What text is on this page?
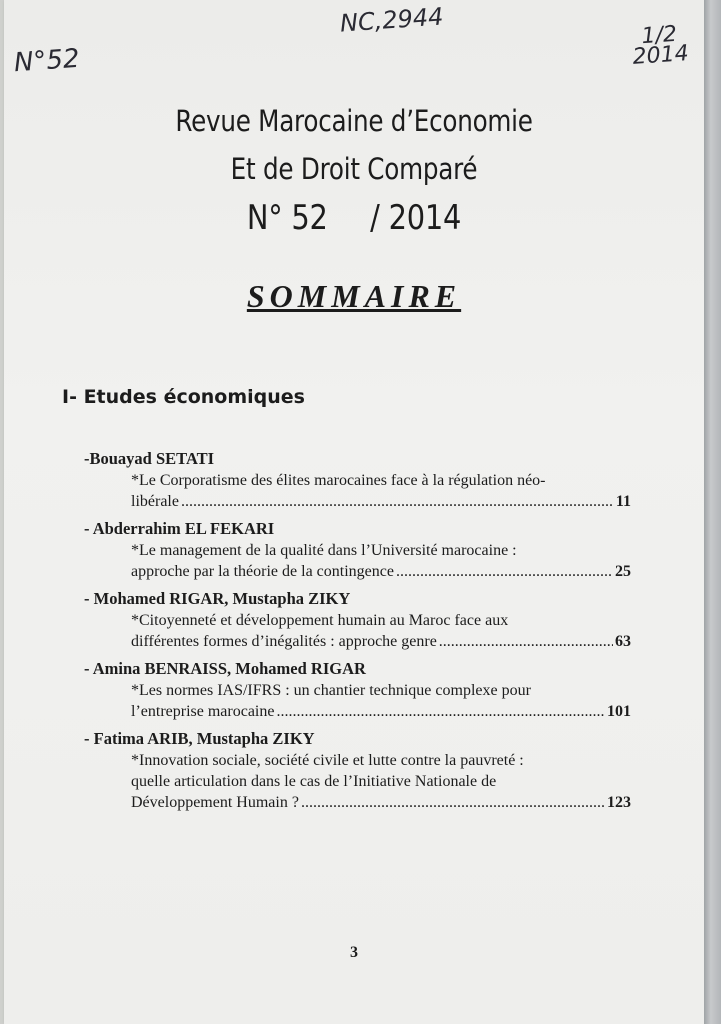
N°52
NC,2944	1/2
2014
Revue Marocaine d’Economie
Et de Droit Comparé
N° 52 / 2014
SOMMAIRE
I- Etudes économiques
-Bouayad SETATI
*Le Corporatisme des élites marocaines face à la régulation néo-
libérale .....	11
- Abderrahim EL FEKARI
*Le management de la qualité dans l’Université marocaine :
approche par la théorie de la contingence .....	25
- Mohamed RIGAR, Mustapha ZIKY
*Citoyenneté et développement humain au Maroc face aux
différentes formes d’inégalités : approche genre .....	63
- Amina BENRAISS, Mohamed RIGAR
*Les normes IAS/IFRS : un chantier technique complexe pour
l’entreprise marocaine .....	101
- Fatima ARIB, Mustapha ZIKY
*Innovation sociale, société civile et lutte contre la pauvreté :
quelle articulation dans le cas de l’Initiative Nationale de
Développement Humain ? .....	123
3
